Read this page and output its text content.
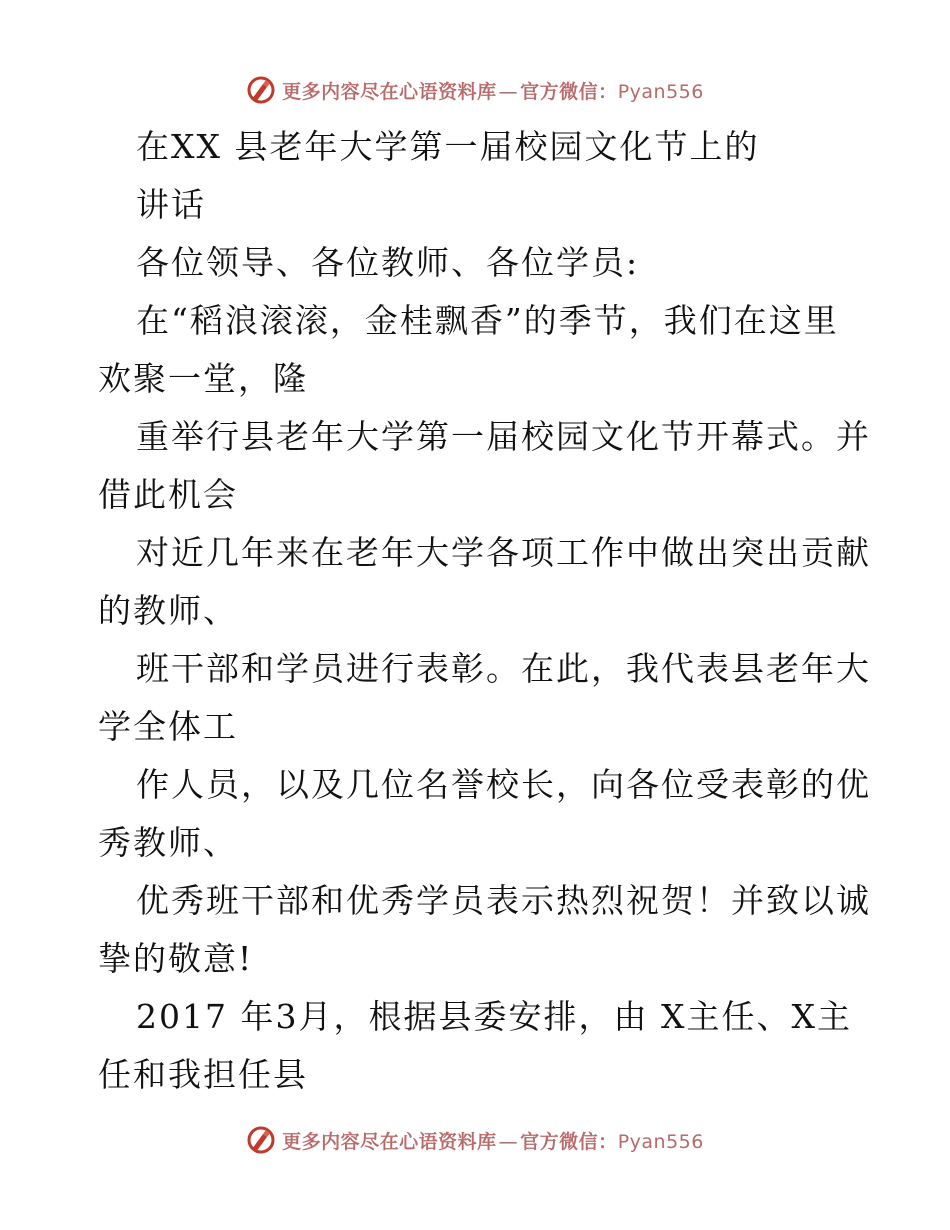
更多内容尽在心语资料库 — 官方微信：Pyan556
在XX 县老年大学第一届校园文化节上的
讲话
各位领导、各位教师、各位学员:
在“稻浪滚滚，金桂飘香”的季节，我们在这里
欢聚一堂，隆
重举行县老年大学第一届校园文化节开幕式。并
借此机会
对近几年来在老年大学各项工作中做出突出贡献
的教师、
班干部和学员进行表彰。在此，我代表县老年大
学全体工
作人员，以及几位名誉校长，向各位受表彰的优
秀教师、
优秀班干部和优秀学员表示热烈祝贺！并致以诚
挚的敬意!
2017 年3月，根据县委安排，由 X主任、X主
任和我担任县
更多内容尽在心语资料库 — 官方微信：Pyan556
